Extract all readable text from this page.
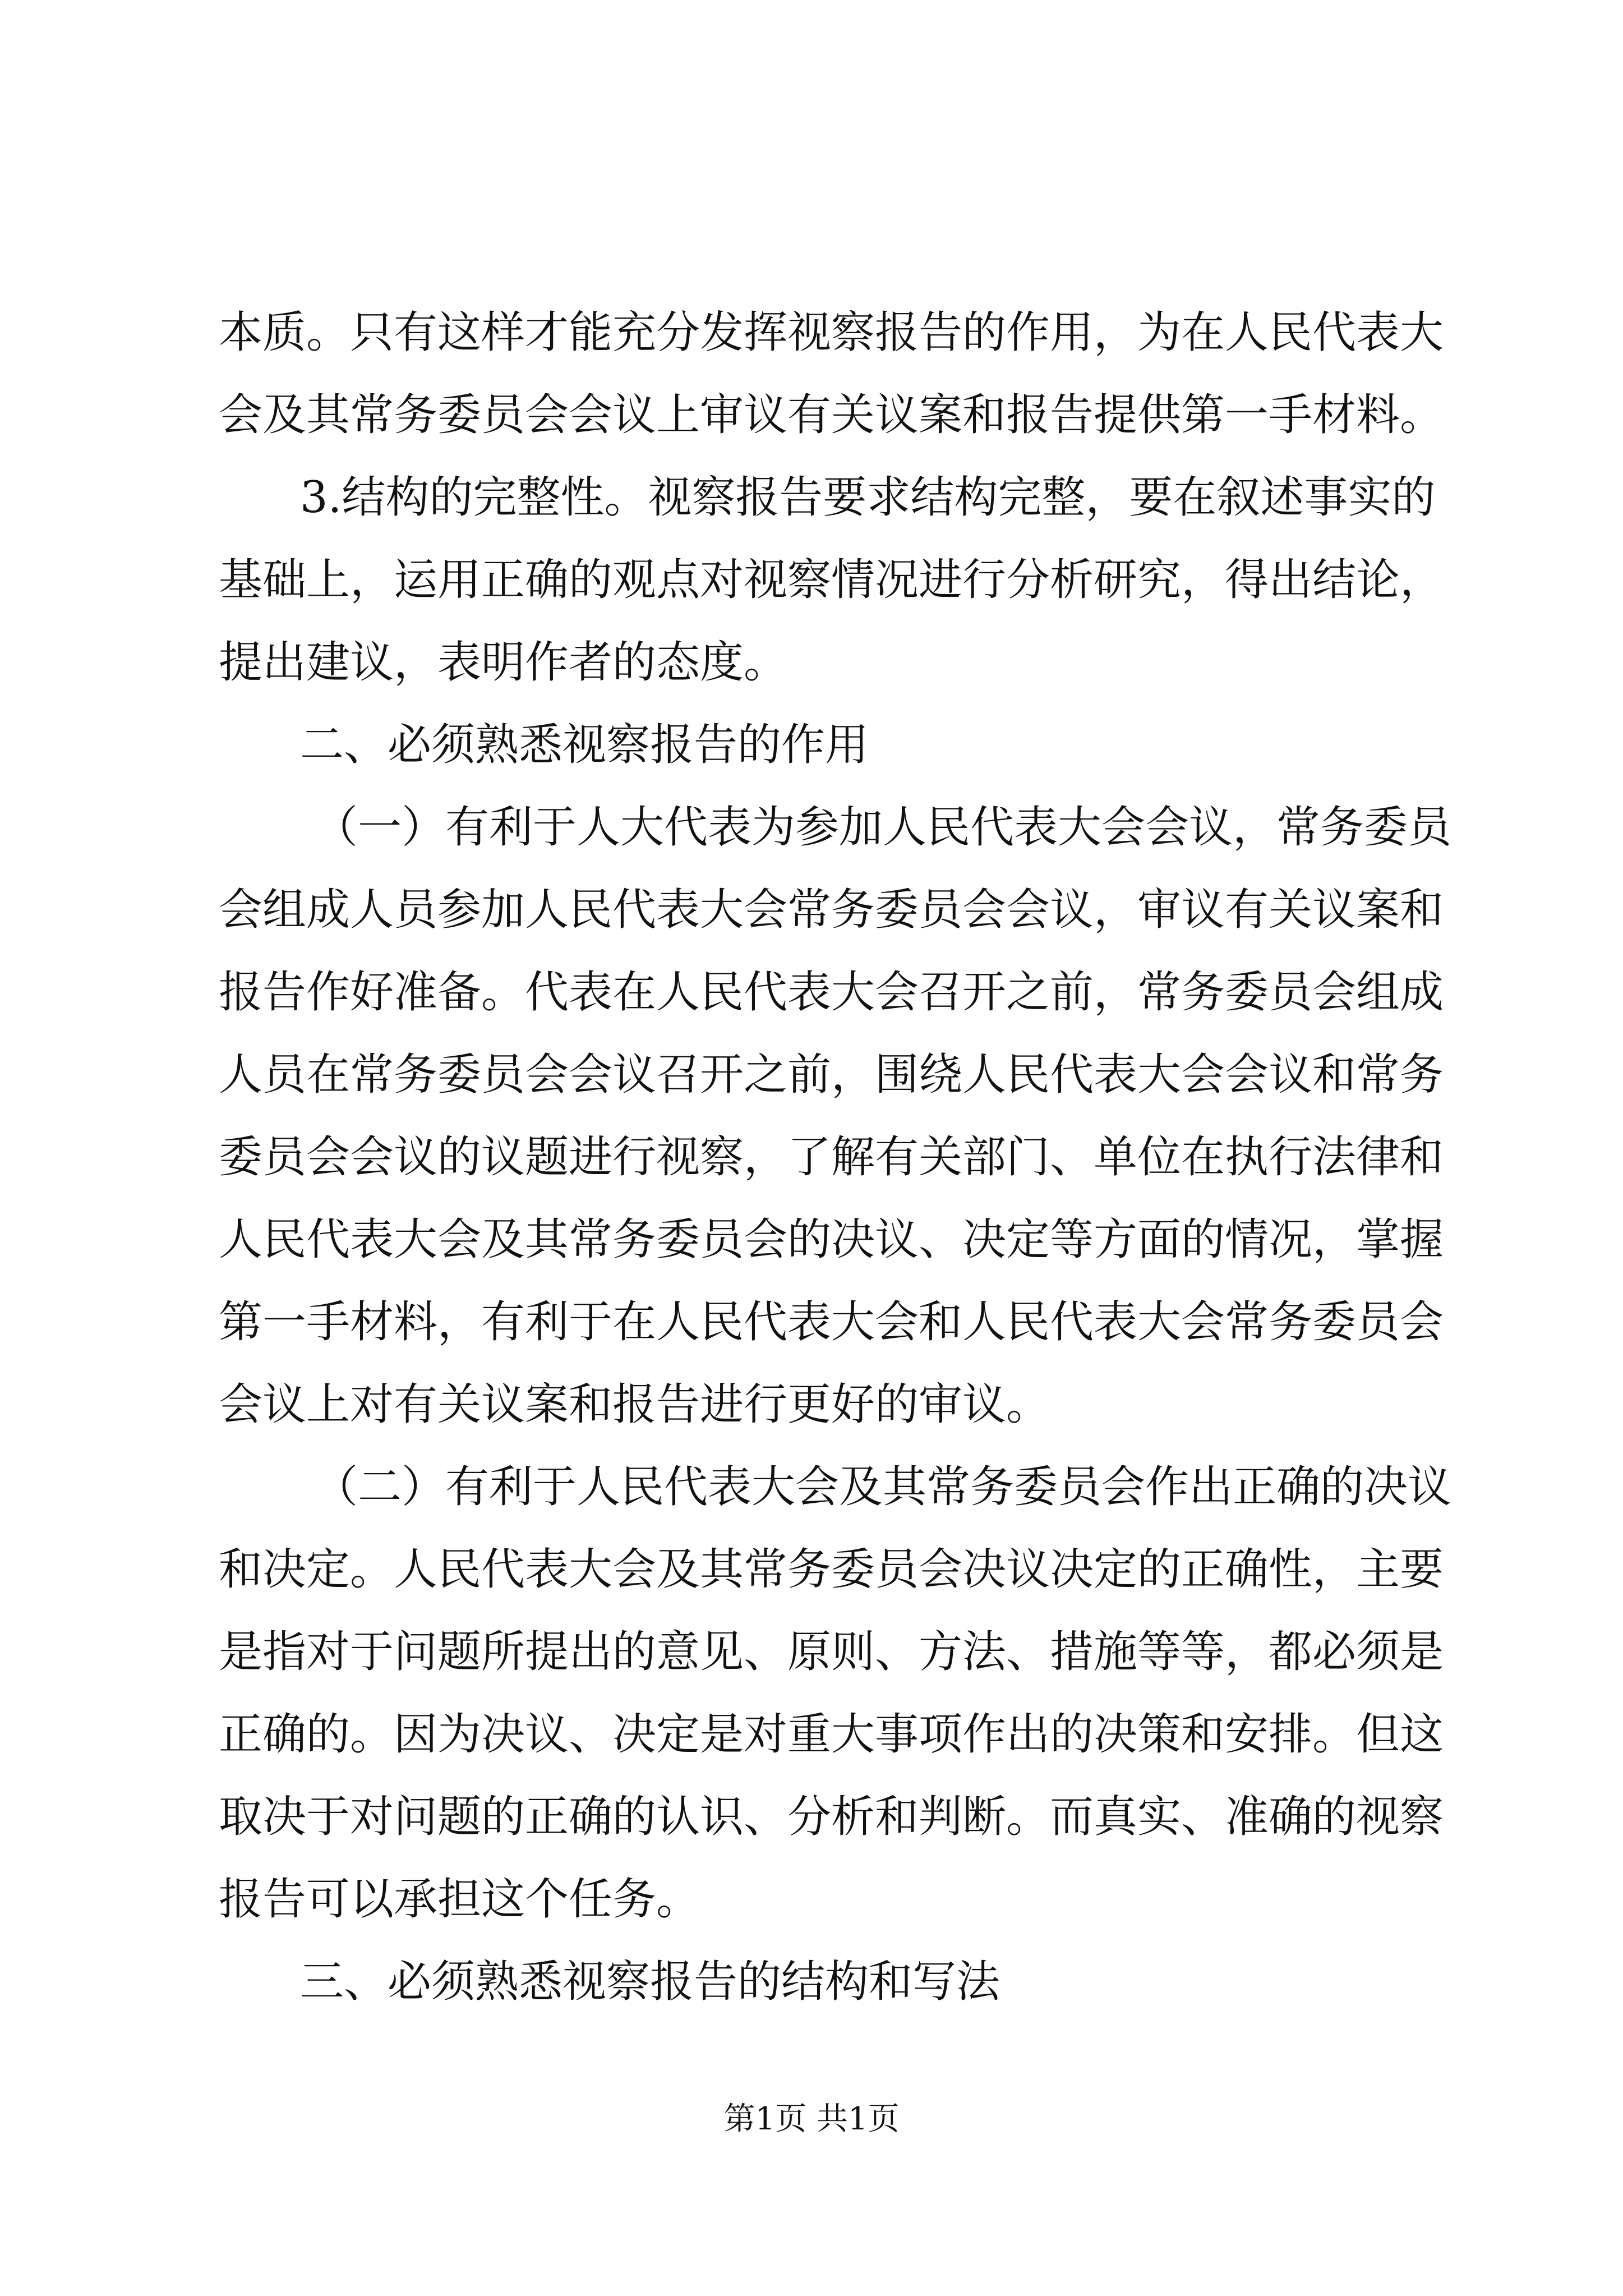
本质。只有这样才能充分发挥视察报告的作用，为在人民代表大
会及其常务委员会会议上审议有关议案和报告提供第一手材料。
3.结构的完整性。视察报告要求结构完整，要在叙述事实的
基础上，运用正确的观点对视察情况进行分析研究，得出结论，
提出建议，表明作者的态度。
二、必须熟悉视察报告的作用
（一）有利于人大代表为参加人民代表大会会议，常务委员
会组成人员参加人民代表大会常务委员会会议，审议有关议案和
报告作好准备。代表在人民代表大会召开之前，常务委员会组成
人员在常务委员会会议召开之前，围绕人民代表大会会议和常务
委员会会议的议题进行视察，了解有关部门、单位在执行法律和
人民代表大会及其常务委员会的决议、决定等方面的情况，掌握
第一手材料，有利于在人民代表大会和人民代表大会常务委员会
会议上对有关议案和报告进行更好的审议。
（二）有利于人民代表大会及其常务委员会作出正确的决议
和决定。人民代表大会及其常务委员会决议决定的正确性，主要
是指对于问题所提出的意见、原则、方法、措施等等，都必须是
正确的。因为决议、决定是对重大事项作出的决策和安排。但这
取决于对问题的正确的认识、分析和判断。而真实、准确的视察
报告可以承担这个任务。
三、必须熟悉视察报告的结构和写法
第1页 共1页
